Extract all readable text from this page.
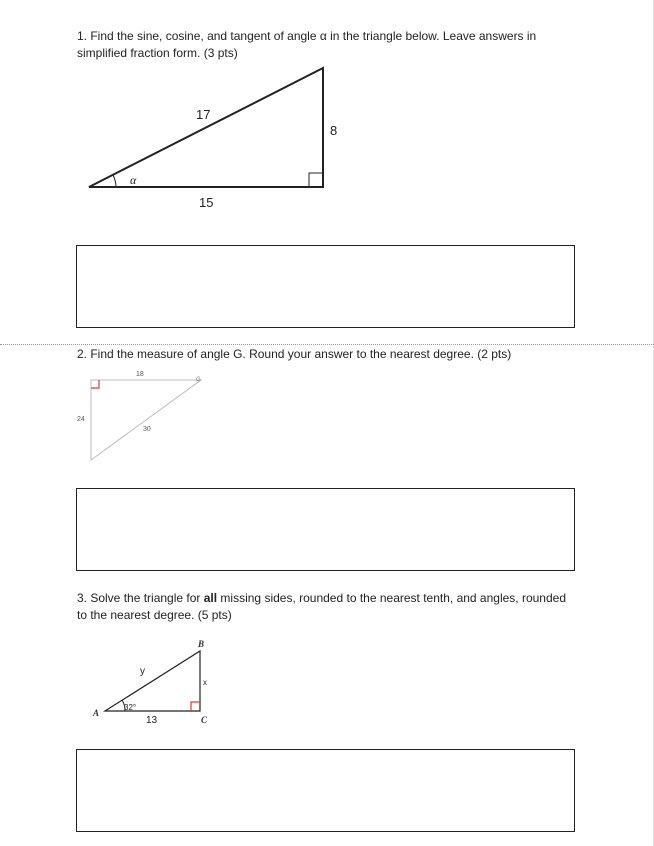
1. Find the sine, cosine, and tangent of angle α in the triangle below. Leave answers in simplified fraction form. (3 pts)
α
17
8
15
2. Find the measure of angle G. Round your answer to the nearest degree. (2 pts)
18
24
30
G
3. Solve the triangle for all missing sides, rounded to the nearest tenth, and angles, rounded to the nearest degree. (5 pts)
32°
y
x
13
A
B
C
